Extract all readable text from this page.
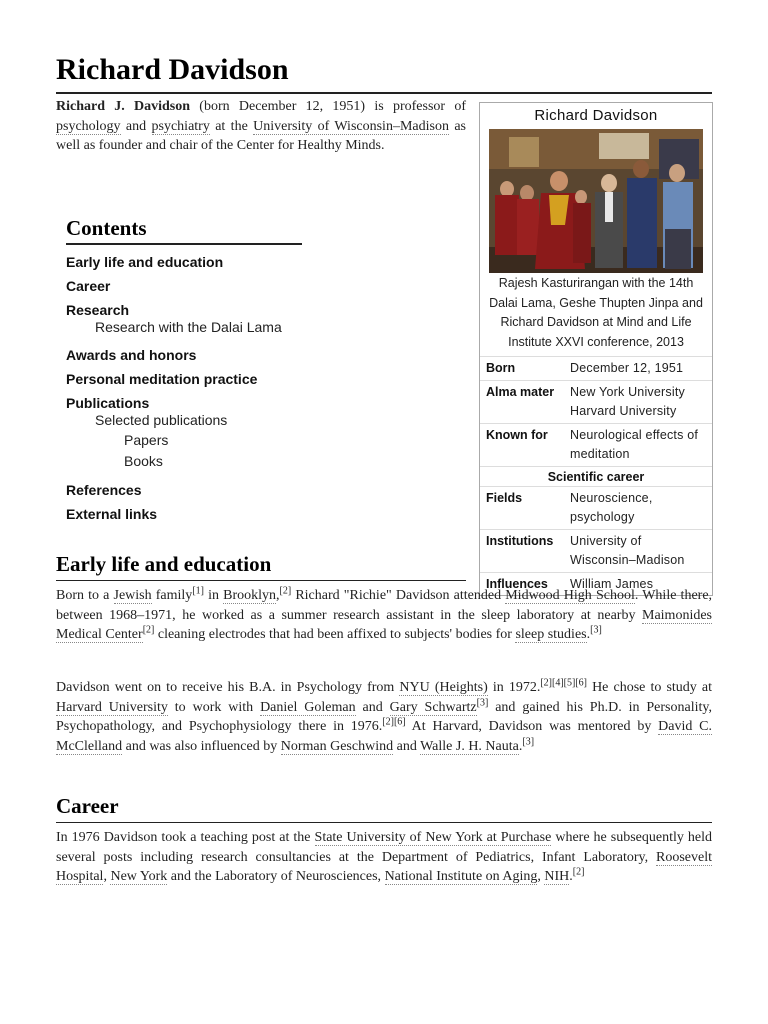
Richard Davidson
Richard J. Davidson (born December 12, 1951) is professor of psychology and psychiatry at the University of Wisconsin–Madison as well as founder and chair of the Center for Healthy Minds.
Contents
Early life and education
Career
Research
Research with the Dalai Lama
Awards and honors
Personal meditation practice
Publications
Selected publications
Papers
Books
References
External links
Richard Davidson
Rajesh Kasturirangan with the 14th Dalai Lama, Geshe Thupten Jinpa and Richard Davidson at Mind and Life Institute XXVI conference, 2013
Born	December 12, 1951
Alma mater	New York University
Harvard University
Known for	Neurological effects of meditation
Scientific career
Fields	Neuroscience, psychology
Institutions	University of Wisconsin–Madison
Influences	William James
Early life and education
Born to a Jewish family[1] in Brooklyn,[2] Richard "Richie" Davidson attended Midwood High School. While there, between 1968–1971, he worked as a summer research assistant in the sleep laboratory at nearby Maimonides Medical Center[2] cleaning electrodes that had been affixed to subjects' bodies for sleep studies.[3]
Davidson went on to receive his B.A. in Psychology from NYU (Heights) in 1972.[2][4][5][6] He chose to study at Harvard University to work with Daniel Goleman and Gary Schwartz[3] and gained his Ph.D. in Personality, Psychopathology, and Psychophysiology there in 1976.[2][6] At Harvard, Davidson was mentored by David C. McClelland and was also influenced by Norman Geschwind and Walle J. H. Nauta.[3]
Career
In 1976 Davidson took a teaching post at the State University of New York at Purchase where he subsequently held several posts including research consultancies at the Department of Pediatrics, Infant Laboratory, Roosevelt Hospital, New York and the Laboratory of Neurosciences, National Institute on Aging, NIH.[2]
